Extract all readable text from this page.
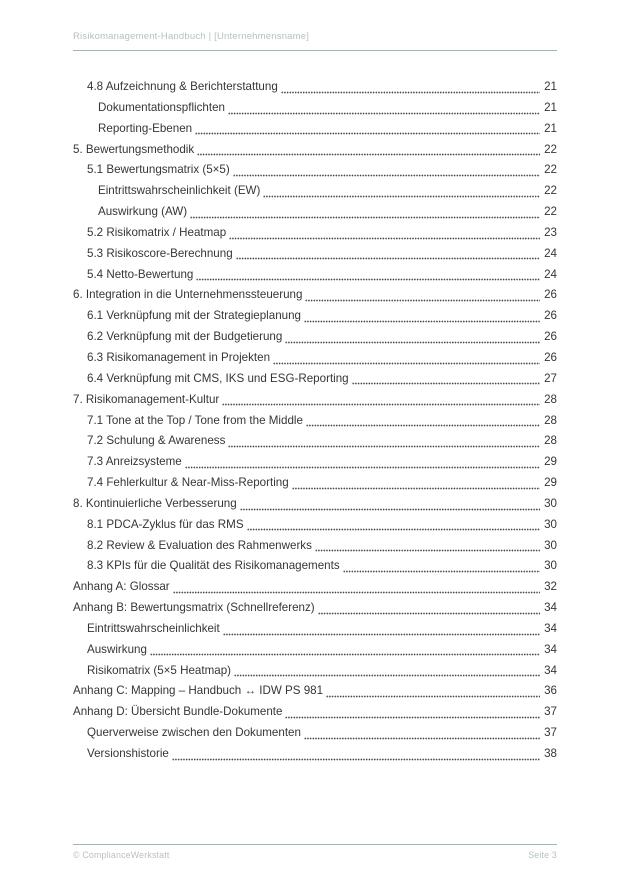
Risikomanagement-Handbuch | [Unternehmensname]
4.8 Aufzeichnung & Berichterstattung	21
Dokumentationspflichten	21
Reporting-Ebenen	21
5. Bewertungsmethodik	22
5.1 Bewertungsmatrix (5×5)	22
Eintrittswahrscheinlichkeit (EW)	22
Auswirkung (AW)	22
5.2 Risikomatrix / Heatmap	23
5.3 Risikoscore-Berechnung	24
5.4 Netto-Bewertung	24
6. Integration in die Unternehmenssteuerung	26
6.1 Verknüpfung mit der Strategieplanung	26
6.2 Verknüpfung mit der Budgetierung	26
6.3 Risikomanagement in Projekten	26
6.4 Verknüpfung mit CMS, IKS und ESG-Reporting	27
7. Risikomanagement-Kultur	28
7.1 Tone at the Top / Tone from the Middle	28
7.2 Schulung & Awareness	28
7.3 Anreizsysteme	29
7.4 Fehlerkultur & Near-Miss-Reporting	29
8. Kontinuierliche Verbesserung	30
8.1 PDCA-Zyklus für das RMS	30
8.2 Review & Evaluation des Rahmenwerks	30
8.3 KPIs für die Qualität des Risikomanagements	30
Anhang A: Glossar	32
Anhang B: Bewertungsmatrix (Schnellreferenz)	34
Eintrittswahrscheinlichkeit	34
Auswirkung	34
Risikomatrix (5×5 Heatmap)	34
Anhang C: Mapping – Handbuch ↔ IDW PS 981	36
Anhang D: Übersicht Bundle-Dokumente	37
Querverweise zwischen den Dokumenten	37
Versionshistorie	38
© ComplianceWerkstatt	Seite 3
